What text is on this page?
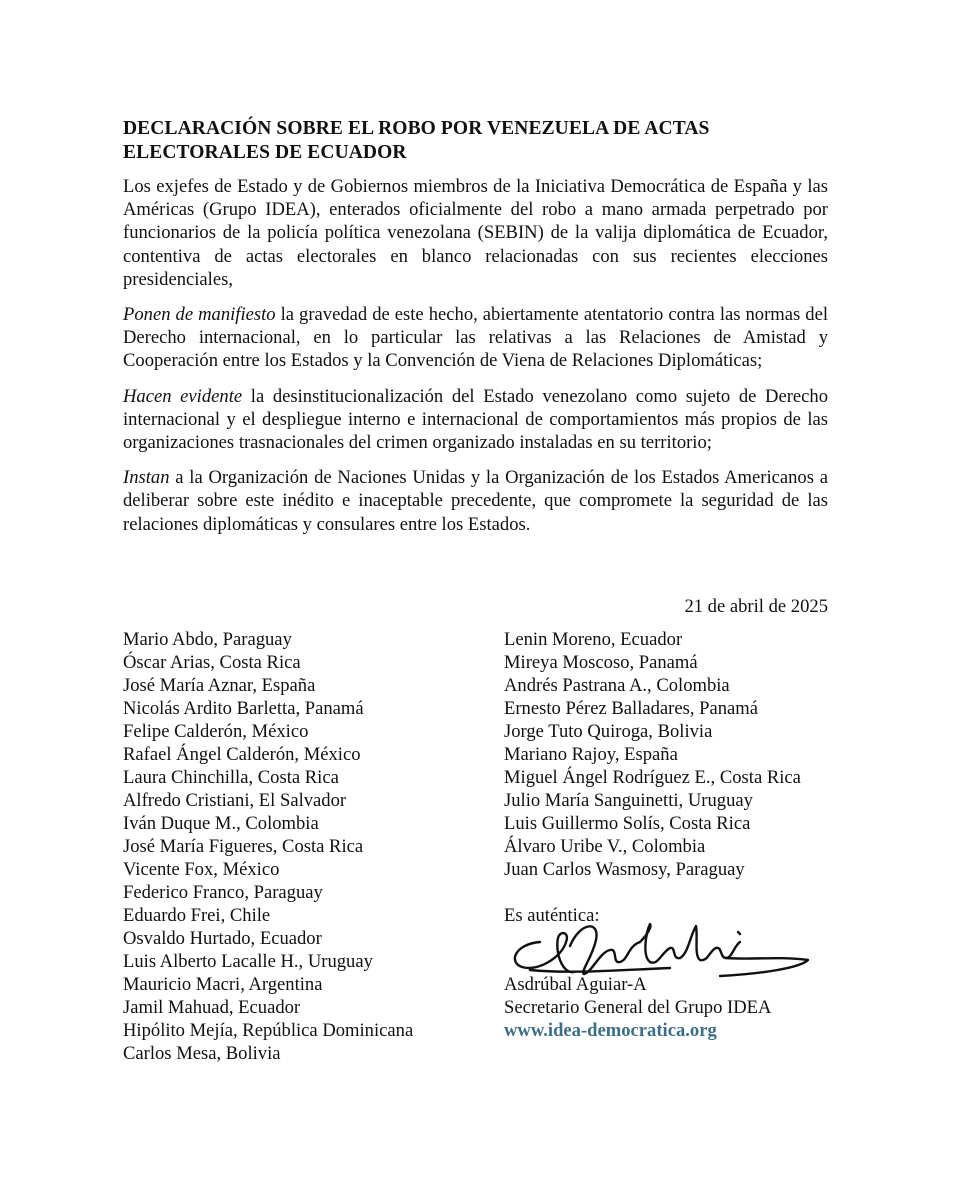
DECLARACIÓN SOBRE EL ROBO POR VENEZUELA DE ACTAS ELECTORALES DE ECUADOR

Los exjefes de Estado y de Gobiernos miembros de la Iniciativa Democrática de España y las Américas (Grupo IDEA), enterados oficialmente del robo a mano armada perpetrado por funcionarios de la policía política venezolana (SEBIN) de la valija diplomática de Ecuador, contentiva de actas electorales en blanco relacionadas con sus recientes elecciones presidenciales,

Ponen de manifiesto la gravedad de este hecho, abiertamente atentatorio contra las normas del Derecho internacional, en lo particular las relativas a las Relaciones de Amistad y Cooperación entre los Estados y la Convención de Viena de Relaciones Diplomáticas;

Hacen evidente la desinstitucionalización del Estado venezolano como sujeto de Derecho internacional y el despliegue interno e internacional de comportamientos más propios de las organizaciones trasnacionales del crimen organizado instaladas en su territorio;

Instan a la Organización de Naciones Unidas y la Organización de los Estados Americanos a deliberar sobre este inédito e inaceptable precedente, que compromete la seguridad de las relaciones diplomáticas y consulares entre los Estados.

21 de abril de 2025
Mario Abdo, Paraguay
Óscar Arias, Costa Rica
José María Aznar, España
Nicolás Ardito Barletta, Panamá
Felipe Calderón, México
Rafael Ángel Calderón, México
Laura Chinchilla, Costa Rica
Alfredo Cristiani, El Salvador
Iván Duque M., Colombia
José María Figueres, Costa Rica
Vicente Fox, México
Federico Franco, Paraguay
Eduardo Frei, Chile
Osvaldo Hurtado, Ecuador
Luis Alberto Lacalle H., Uruguay
Mauricio Macri, Argentina
Jamil Mahuad, Ecuador
Hipólito Mejía, República Dominicana
Carlos Mesa, Bolivia
Lenin Moreno, Ecuador
Mireya Moscoso, Panamá
Andrés Pastrana A., Colombia
Ernesto Pérez Balladares, Panamá
Jorge Tuto Quiroga, Bolivia
Mariano Rajoy, España
Miguel Ángel Rodríguez E., Costa Rica
Julio María Sanguinetti, Uruguay
Luis Guillermo Solís, Costa Rica
Álvaro Uribe V., Colombia
Juan Carlos Wasmosy, Paraguay
Es auténtica:
Asdrúbal Aguiar-A
Secretario General del Grupo IDEA
www.idea-democratica.org
